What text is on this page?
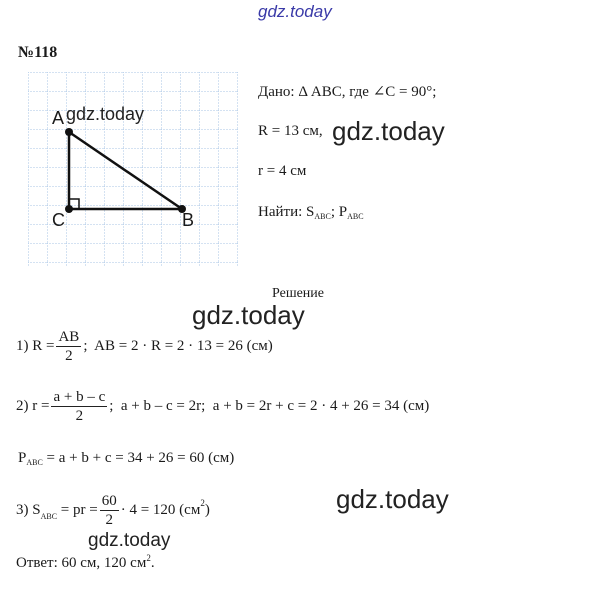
gdz.today
№118
A
C	B
gdz.today
Дано: Δ ABC, где ∠C = 90°;
R = 13 см, gdz.today
r = 4 см
Найти: $S_{ABC}$; $P_{ABC}$
Решение
gdz.today
1) $R = \frac{AB}{2}$ ;  AB = 2 · R = 2 · 13 = 26 (см)
2) $r = \frac{a + b - c}{2}$ ;  a + b – c = 2r;  a + b = 2r + c = 2 · 4 + 26 = 34 (см)
$P_{ABC} = a + b + c = 34 + 26 = 60$ (см)
gdz.today
3) $S_{ABC}$ = pr = $\frac{60}{2} \cdot 4 = 120$ ($см^2$ )
gdz.today
Ответ: 60 см, 120 $см^2$.
